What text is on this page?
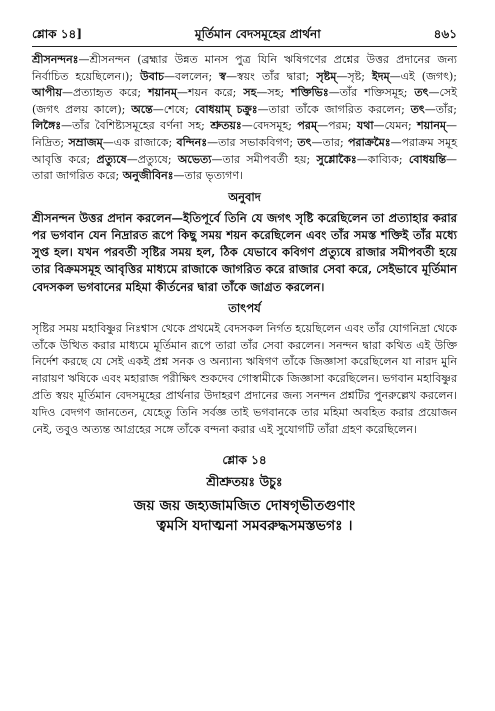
শ্লোক ১৪]	মূর্তিমান বেদসমূহের প্রার্থনা	৪৬১

শ্রীসনন্দনঃ—শ্রীসনন্দন (ব্রহ্মার উন্নত মানস পুত্র যিনি ঋষিগণের প্রশ্নের উত্তর প্রদানের জন্য নির্বাচিত হয়েছিলেন।); উবাচ—বললেন; স্ব—স্বয়ং তাঁর দ্বারা; সৃষ্টম্—সৃষ্ট; ইদম্—এই (জগৎ); আপীয়—প্রত্যাহৃত করে; শয়ানম্—শয়ন করে; সহ—সহ; শক্তিভিঃ—তাঁর শক্তিসমূহ; তৎ—সেই (জগৎ প্রলয় কালে); অন্তে—শেষে; বোধয়াম্ চক্রুঃ—তারা তাঁকে জাগরিত করলেন; তৎ—তাঁর; লিঙ্গৈঃ—তাঁর বৈশিষ্ট্যসমূহের বর্ণনা সহ; শ্রুতয়ঃ—বেদসমূহ; পরম্—পরম; যথা—যেমন; শয়ানম্—নিদ্রিত; সম্রাজম্—এক রাজাকে; বন্দিনঃ—তার সভাকবিগণ; তৎ—তার; পরাক্রমৈঃ—পরাক্রম সমূহ আবৃত্তি করে; প্রত্যুষে—প্রত্যুষে; অভেত্য—তার সমীপবর্তী হয়; সুশ্লোকৈঃ—কাব্যিক; বোধয়ন্তি—তারা জাগরিত করে; অনুজীবিনঃ—তার ভৃত্যগণ।

অনুবাদ

শ্রীসনন্দন উত্তর প্রদান করলেন—ইতিপূর্বে তিনি যে জগৎ সৃষ্টি করেছিলেন তা প্রত্যাহার করার পর ভগবান যেন নিদ্রারত রূপে কিছু সময় শয়ন করেছিলেন এবং তাঁর সমস্ত শক্তিই তাঁর মধ্যে সুপ্ত হল। যখন পরবর্তী সৃষ্টির সময় হল, ঠিক যেভাবে কবিগণ প্রত্যুষে রাজার সমীপবর্তী হয়ে তার বিক্রমসমূহ আবৃত্তির মাধ্যমে রাজাকে জাগরিত করে রাজার সেবা করে, সেইভাবে মূর্তিমান বেদসকল ভগবানের মহিমা কীর্তনের দ্বারা তাঁকে জাগ্রত করলেন।

তাৎপর্য

সৃষ্টির সময় মহাবিষ্ণুর নিঃশ্বাস থেকে প্রথমেই বেদসকল নির্গত হয়েছিলেন এবং তাঁর যোগনিদ্রা থেকে তাঁকে উত্থিত করার মাধ্যমে মূর্তিমান রূপে তারা তাঁর সেবা করলেন। সনন্দন দ্বারা কথিত এই উক্তি নির্দেশ করছে যে সেই একই প্রশ্ন সনক ও অন্যান্য ঋষিগণ তাঁকে জিজ্ঞাসা করেছিলেন যা নারদ মুনি নারায়ণ ঋষিকে এবং মহারাজ পরীক্ষিৎ শুকদেব গোস্বামীকে জিজ্ঞাসা করেছিলেন। ভগবান মহাবিষ্ণুর প্রতি স্বয়ং মূর্তিমান বেদসমূহের প্রার্থনার উদাহরণ প্রদানের জন্য সনন্দন প্রশ্নটির পুনরুল্লেখ করলেন। যদিও বেদগণ জানতেন, যেহেতু তিনি সর্বজ্ঞ তাই ভগবানকে তার মহিমা অবহিত করার প্রয়োজন নেই, তবুও অত্যন্ত আগ্রহের সঙ্গে তাঁকে বন্দনা করার এই সুযোগটি তাঁরা গ্রহণ করেছিলেন।

শ্লোক ১৪
শ্রীশ্রুতয়ঃ উচুঃ
জয় জয় জহ্যজামজিত দোষগৃভীতগুণাং
ত্বমসি যদাত্মনা সমবরুদ্ধসমস্তভগঃ ।
